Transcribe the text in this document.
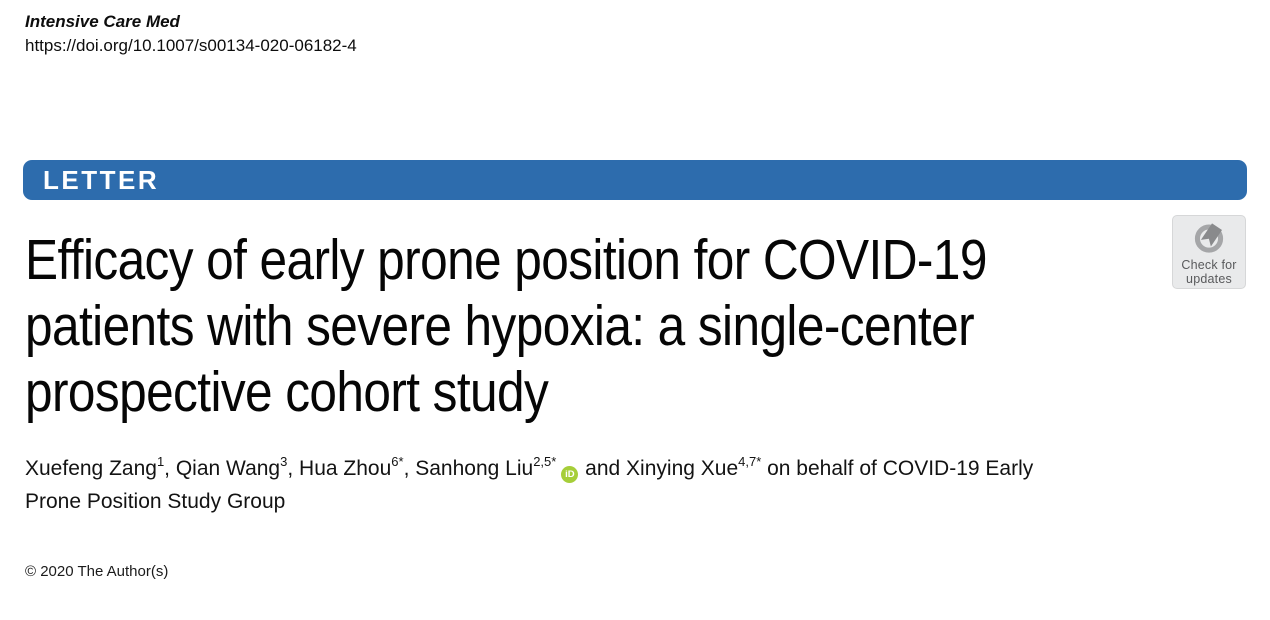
Intensive Care Med
https://doi.org/10.1007/s00134-020-06182-4
LETTER
Efficacy of early prone position for COVID-19
patients with severe hypoxia: a single-center
prospective cohort study
Check for
updates
Xuefeng Zang$^1$, Qian Wang$^3$, Hua Zhou$^{6*}$, Sanhong Liu$^{2,5*}$iD and Xinying Xue$^{4,7*}$ on behalf of COVID-19 Early
Prone Position Study Group
© 2020 The Author(s)
